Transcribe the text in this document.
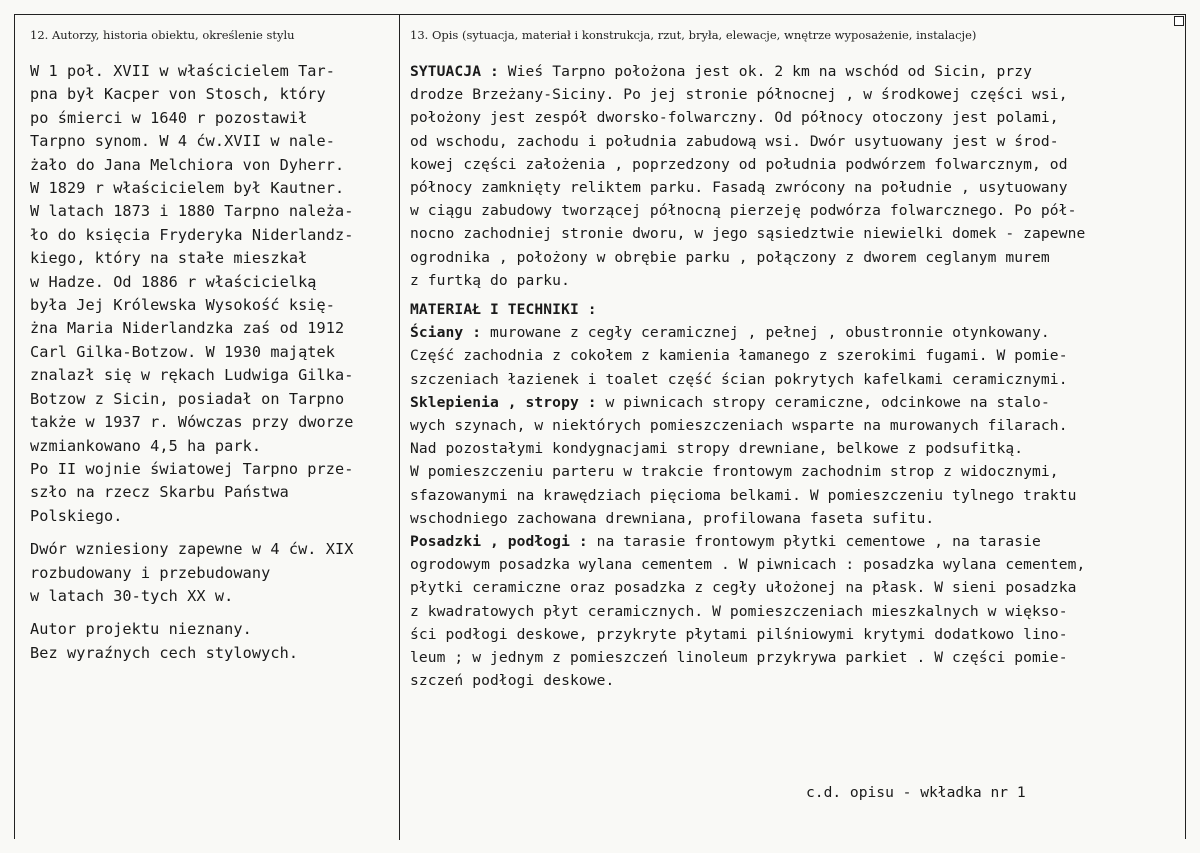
12. Autorzy, historia obiektu, określenie stylu	13. Opis (sytuacja, materiał i konstrukcja, rzut, bryła, elewacje, wnętrze wyposażenie, instalacje)
W 1 poł. XVII w właścicielem Tar-
pna był Kacper von Stosch, który
po śmierci w 1640 r pozostawił
Tarpno synom. W 4 ćw.XVII w nale-
żało do Jana Melchiora von Dyherr.
W 1829 r właścicielem był Kautner.
W latach 1873 i 1880 Tarpno należa-
ło do księcia Fryderyka Niderlandz-
kiego, który na stałe mieszkał
w Hadze. Od 1886 r właścicielką
była Jej Królewska Wysokość księ-
żna Maria Niderlandzka zaś od 1912
Carl Gilka-Botzow. W 1930 majątek
znalazł się w rękach Ludwiga Gilka-
Botzow z Sicin, posiadał on Tarpno
także w 1937 r. Wówczas przy dworze
wzmiankowano 4,5 ha park.
Po II wojnie światowej Tarpno prze-
szło na rzecz Skarbu Państwa
Polskiego.
Dwór wzniesiony zapewne w 4 ćw. XIX
rozbudowany i przebudowany
w latach 30-tych XX w.
Autor projektu nieznany.
Bez wyraźnych cech stylowych.
SYTUACJA : Wieś Tarpno położona jest ok. 2 km na wschód od Sicin, przy
drodze Brzeżany-Siciny. Po jej stronie północnej , w środkowej części wsi,
położony jest zespół dworsko-folwarczny. Od północy otoczony jest polami,
od wschodu, zachodu i południa zabudową wsi. Dwór usytuowany jest w środ-
kowej części założenia , poprzedzony od południa podwórzem folwarcznym, od
północy zamknięty reliktem parku. Fasadą zwrócony na południe , usytuowany
w ciągu zabudowy tworzącej północną pierzeję podwórza folwarcznego. Po pół-
nocno zachodniej stronie dworu, w jego sąsiedztwie niewielki domek - zapewne
ogrodnika , położony w obrębie parku , połączony z dworem ceglanym murem
z furtką do parku.
MATERIAŁ I TECHNIKI :
Ściany : murowane z cegły ceramicznej , pełnej , obustronnie otynkowany.
Część zachodnia z cokołem z kamienia łamanego z szerokimi fugami. W pomie-
szczeniach łazienek i toalet część ścian pokrytych kafelkami ceramicznymi.
Sklepienia , stropy : w piwnicach stropy ceramiczne, odcinkowe na stalo-
wych szynach, w niektórych pomieszczeniach wsparte na murowanych filarach.
Nad pozostałymi kondygnacjami stropy drewniane, belkowe z podsufitką.
W pomieszczeniu parteru w trakcie frontowym zachodnim strop z widocznymi,
sfazowanymi na krawędziach pięcioma belkami. W pomieszczeniu tylnego traktu
wschodniego zachowana drewniana, profilowana faseta sufitu.
Posadzki , podłogi : na tarasie frontowym płytki cementowe , na tarasie
ogrodowym posadzka wylana cementem . W piwnicach : posadzka wylana cementem,
płytki ceramiczne oraz posadzka z cegły ułożonej na płask. W sieni posadzka
z kwadratowych płyt ceramicznych. W pomieszczeniach mieszkalnych w więkso-
ści podłogi deskowe, przykryte płytami pilśniowymi krytymi dodatkowo lino-
leum ; w jednym z pomieszczeń linoleum przykrywa parkiet . W części pomie-
szczeń podłogi deskowe.
c.d. opisu - wkładka nr 1
